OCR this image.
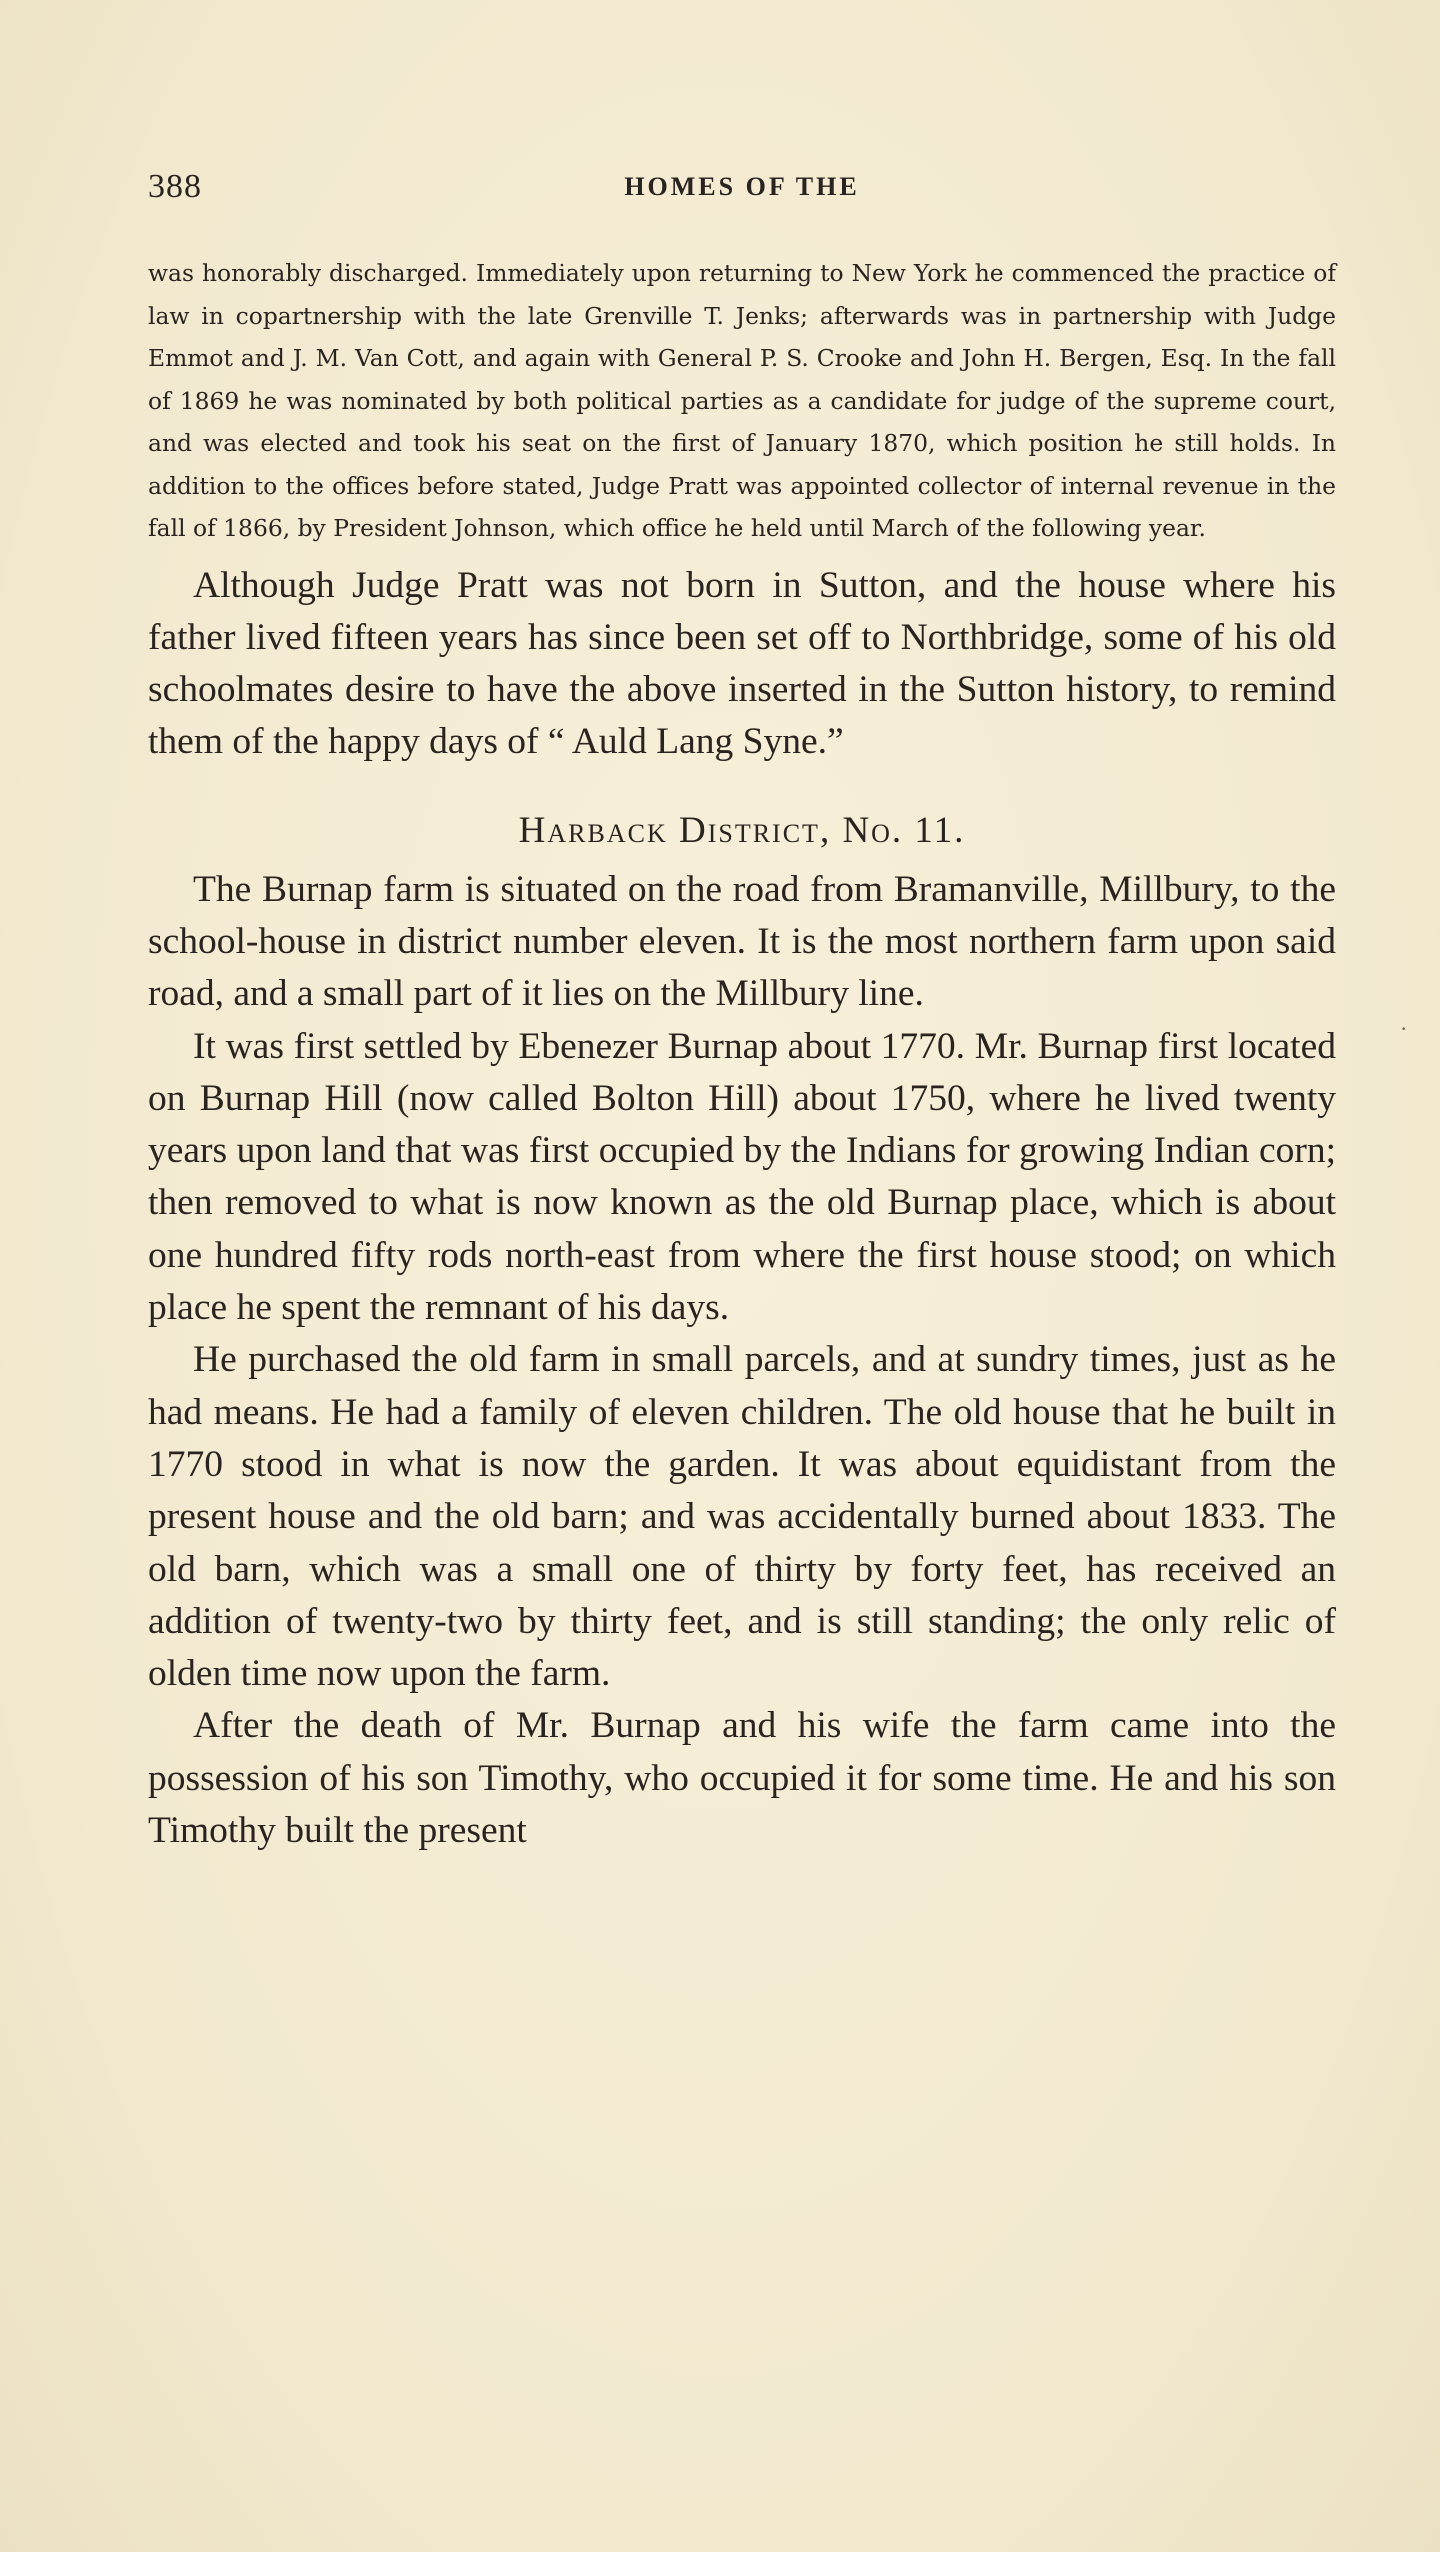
388	HOMES OF THE

was honorably discharged. Immediately upon returning to New York he commenced the practice of law in copartnership with the late Grenville T. Jenks; afterwards was in partnership with Judge Emmot and J. M. Van Cott, and again with General P. S. Crooke and John H. Bergen, Esq. In the fall of 1869 he was nominated by both political parties as a candidate for judge of the supreme court, and was elected and took his seat on the first of January 1870, which position he still holds. In addition to the offices before stated, Judge Pratt was appointed collector of internal revenue in the fall of 1866, by President Johnson, which office he held until March of the following year.

Although Judge Pratt was not born in Sutton, and the house where his father lived fifteen years has since been set off to Northbridge, some of his old schoolmates desire to have the above inserted in the Sutton history, to remind them of the happy days of “ Auld Lang Syne.”

Harback District, No. 11.

The Burnap farm is situated on the road from Bramanville, Millbury, to the school-house in district number eleven. It is the most northern farm upon said road, and a small part of it lies on the Millbury line.

It was first settled by Ebenezer Burnap about 1770. Mr. Burnap first located on Burnap Hill (now called Bolton Hill) about 1750, where he lived twenty years upon land that was first occupied by the Indians for growing Indian corn; then removed to what is now known as the old Burnap place, which is about one hundred fifty rods north-east from where the first house stood; on which place he spent the remnant of his days.

He purchased the old farm in small parcels, and at sundry times, just as he had means. He had a family of eleven children. The old house that he built in 1770 stood in what is now the garden. It was about equidistant from the present house and the old barn; and was accidentally burned about 1833. The old barn, which was a small one of thirty by forty feet, has received an addition of twenty-two by thirty feet, and is still standing; the only relic of olden time now upon the farm.

After the death of Mr. Burnap and his wife the farm came into the possession of his son Timothy, who occupied it for some time. He and his son Timothy built the present

·
